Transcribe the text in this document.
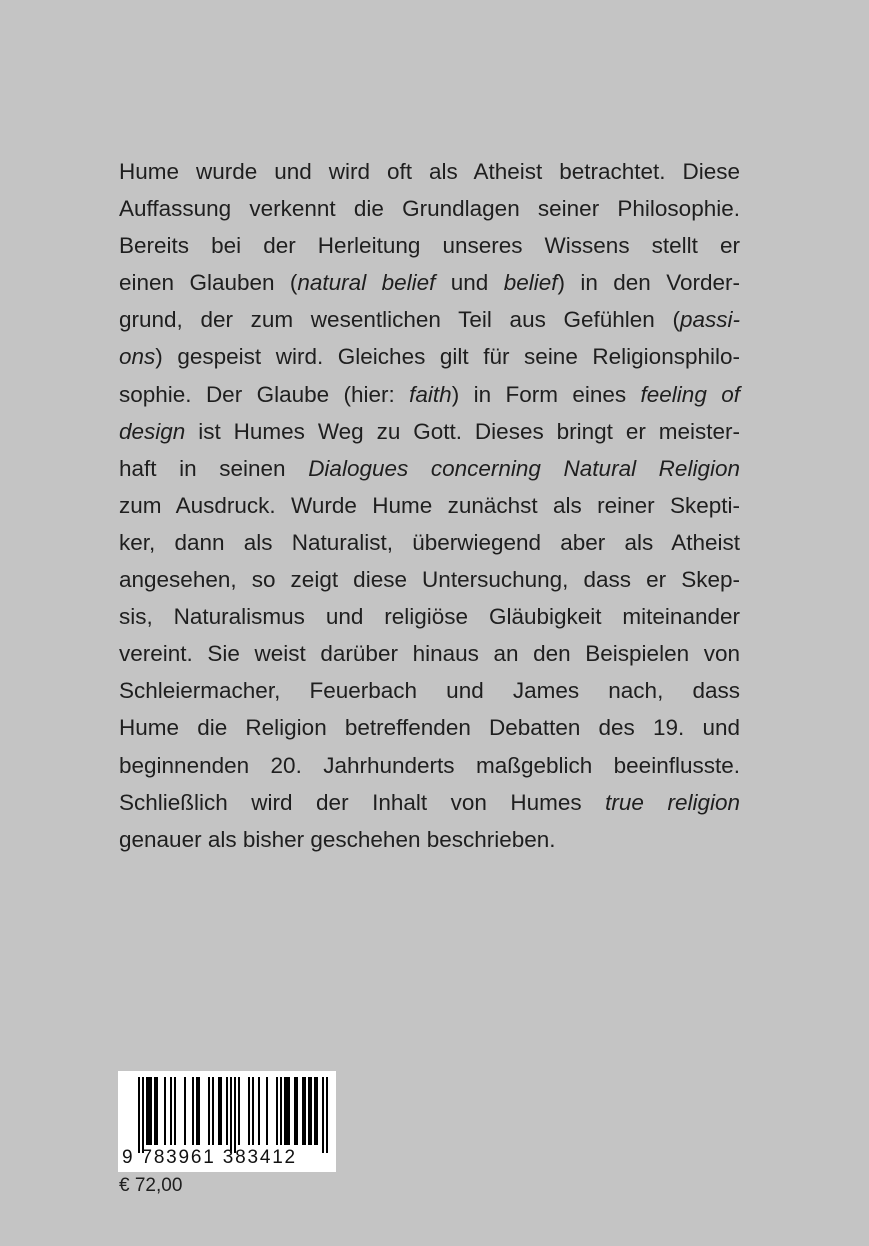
Hume wurde und wird oft als Atheist betrachtet. Diese
Auffassung verkennt die Grundlagen seiner Philosophie.
Bereits bei der Herleitung unseres Wissens stellt er
einen Glauben (natural belief und belief) in den Vorder-
grund, der zum wesentlichen Teil aus Gefühlen (passi-
ons) gespeist wird. Gleiches gilt für seine Religionsphilo-
sophie. Der Glaube (hier: faith) in Form eines feeling of
design ist Humes Weg zu Gott. Dieses bringt er meister-
haft in seinen Dialogues concerning Natural Religion
zum Ausdruck. Wurde Hume zunächst als reiner Skepti-
ker, dann als Naturalist, überwiegend aber als Atheist
angesehen, so zeigt diese Untersuchung, dass er Skep-
sis, Naturalismus und religiöse Gläubigkeit miteinander
vereint. Sie weist darüber hinaus an den Beispielen von
Schleiermacher, Feuerbach und James nach, dass
Hume die Religion betreffenden Debatten des 19. und
beginnenden 20. Jahrhunderts maßgeblich beeinflusste.
Schließlich wird der Inhalt von Humes true religion
genauer als bisher geschehen beschrieben.
9 783961 383412
€ 72,00
